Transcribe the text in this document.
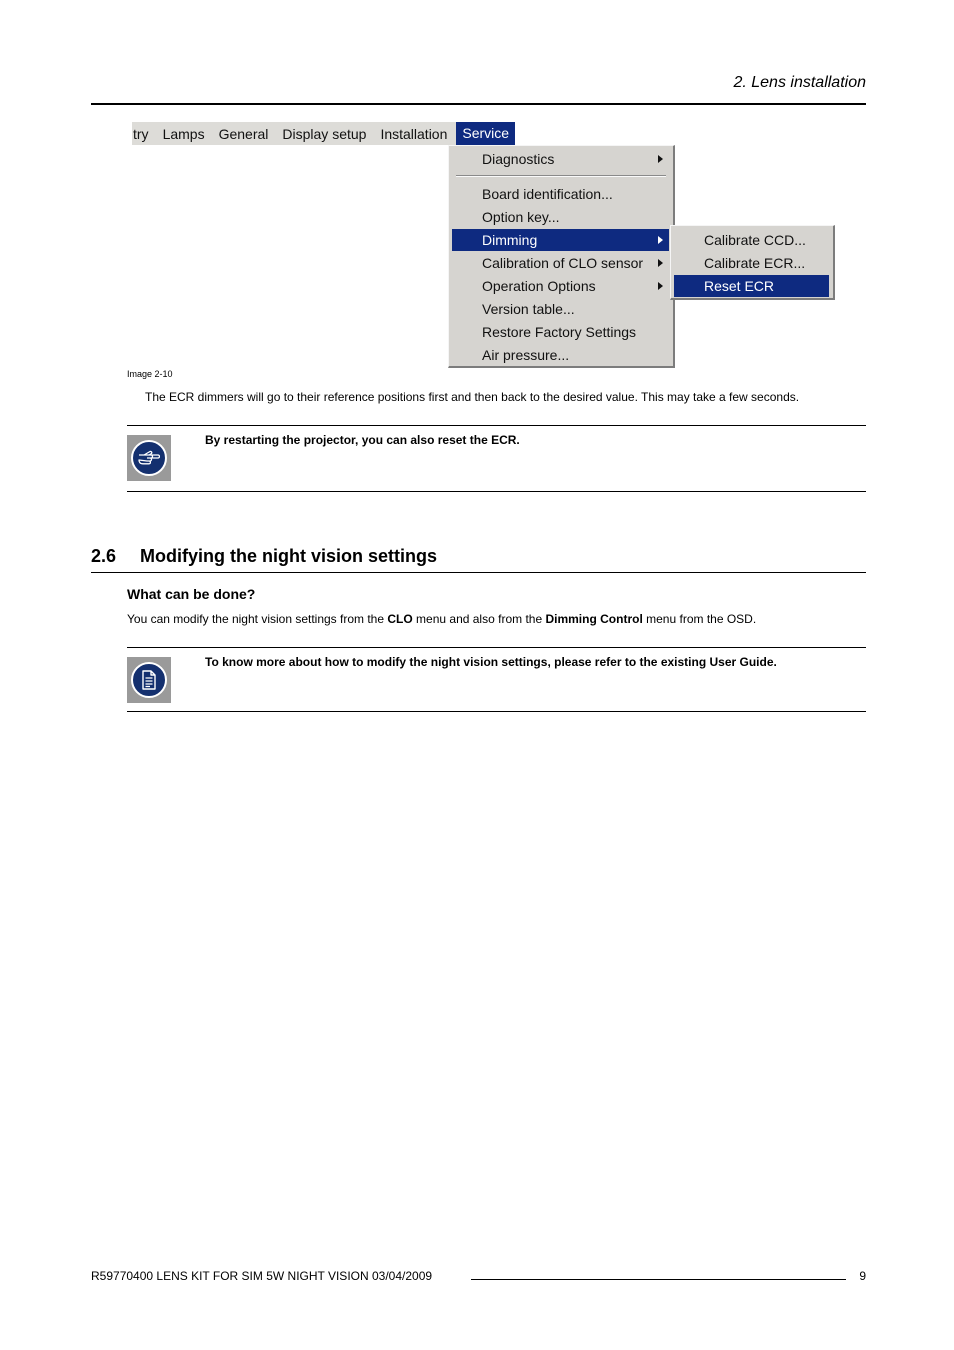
2. Lens installation
try	Lamps	General	Display setup	Installation	Service
Diagnostics
Board identification...
Option key...
Dimming
Calibration of CLO sensor
Operation Options
Version table...
Restore Factory Settings
Air pressure...
Calibrate CCD...
Calibrate ECR...
Reset ECR
Image 2-10
The ECR dimmers will go to their reference positions first and then back to the desired value. This may take a few seconds.
By restarting the projector, you can also reset the ECR.
2.6 Modifying the night vision settings
What can be done?
You can modify the night vision settings from the CLO menu and also from the Dimming Control menu from the OSD.
To know more about how to modify the night vision settings, please refer to the existing User Guide.
R59770400 LENS KIT FOR SIM 5W NIGHT VISION 03/04/2009	9
